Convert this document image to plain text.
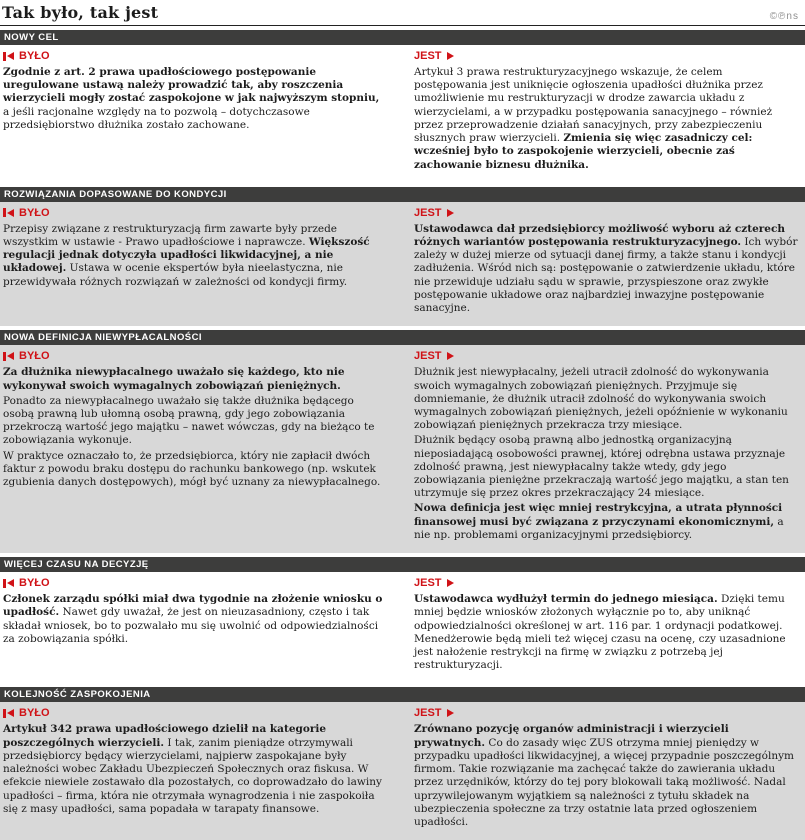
Tak było, tak jest	©℗ns
NOWY CEL
BYŁO

Zgodnie z art. 2 prawa upadłościowego postępowanie uregulowane ustawą należy prowadzić tak, aby roszczenia wierzycieli mogły zostać zaspokojone w jak najwyższym stopniu, a jeśli racjonalne względy na to pozwolą – dotychczasowe przedsiębiorstwo dłużnika zostało zachowane.

JEST

Artykuł 3 prawa restrukturyzacyjnego wskazuje, że celem postępowania jest uniknięcie ogłoszenia upadłości dłużnika przez umożliwienie mu restrukturyzacji w drodze zawarcia układu z wierzycielami, a w przypadku postępowania sanacyjnego – również przez przeprowadzenie działań sanacyjnych, przy zabezpieczeniu słusznych praw wierzycieli. Zmienia się więc zasadniczy cel: wcześniej było to zaspokojenie wierzycieli, obecnie zaś zachowanie biznesu dłużnika.

ROZWIĄZANIA DOPASOWANE DO KONDYCJI
BYŁO

Przepisy związane z restrukturyzacją firm zawarte były przede wszystkim w ustawie - Prawo upadłościowe i naprawcze. Większość regulacji jednak dotyczyła upadłości likwidacyjnej, a nie układowej. Ustawa w ocenie ekspertów była nieelastyczna, nie przewidywała różnych rozwiązań w zależności od kondycji firmy.

JEST

Ustawodawca dał przedsiębiorcy możliwość wyboru aż czterech różnych wariantów postępowania restrukturyzacyjnego. Ich wybór zależy w dużej mierze od sytuacji danej firmy, a także stanu i kondycji zadłużenia. Wśród nich są: postępowanie o zatwierdzenie układu, które nie przewiduje udziału sądu w sprawie, przyspieszone oraz zwykłe postępowanie układowe oraz najbardziej inwazyjne postępowanie sanacyjne.

NOWA DEFINICJA NIEWYPŁACALNOŚCI
BYŁO

Za dłużnika niewypłacalnego uważało się każdego, kto nie wykonywał swoich wymagalnych zobowiązań pieniężnych.

Ponadto za niewypłacalnego uważało się także dłużnika będącego osobą prawną lub ułomną osobą prawną, gdy jego zobowiązania przekroczą wartość jego majątku – nawet wówczas, gdy na bieżąco te zobowiązania wykonuje.

W praktyce oznaczało to, że przedsiębiorca, który nie zapłacił dwóch faktur z powodu braku dostępu do rachunku bankowego (np. wskutek zgubienia danych dostępowych), mógł być uznany za niewypłacalnego.

JEST

Dłużnik jest niewypłacalny, jeżeli utracił zdolność do wykonywania swoich wymagalnych zobowiązań pieniężnych. Przyjmuje się domniemanie, że dłużnik utracił zdolność do wykonywania swoich wymagalnych zobowiązań pieniężnych, jeżeli opóźnienie w wykonaniu zobowiązań pieniężnych przekracza trzy miesiące.

Dłużnik będący osobą prawną albo jednostką organizacyjną nieposiadającą osobowości prawnej, której odrębna ustawa przyznaje zdolność prawną, jest niewypłacalny także wtedy, gdy jego zobowiązania pieniężne przekraczają wartość jego majątku, a stan ten utrzymuje się przez okres przekraczający 24 miesiące.

Nowa definicja jest więc mniej restrykcyjna, a utrata płynności finansowej musi być związana z przyczynami ekonomicznymi, a nie np. problemami organizacyjnymi przedsiębiorcy.

WIĘCEJ CZASU NA DECYZJĘ
BYŁO

Członek zarządu spółki miał dwa tygodnie na złożenie wniosku o upadłość. Nawet gdy uważał, że jest on nieuzasadniony, często i tak składał wniosek, bo to pozwalało mu się uwolnić od odpowiedzialności za zobowiązania spółki.

JEST

Ustawodawca wydłużył termin do jednego miesiąca. Dzięki temu mniej będzie wniosków złożonych wyłącznie po to, aby uniknąć odpowiedzialności określonej w art. 116 par. 1 ordynacji podatkowej. Menedżerowie będą mieli też więcej czasu na ocenę, czy uzasadnione jest nałożenie restrykcji na firmę w związku z potrzebą jej restrukturyzacji.

KOLEJNOŚĆ ZASPOKOJENIA
BYŁO

Artykuł 342 prawa upadłościowego dzielił na kategorie poszczególnych wierzycieli. I tak, zanim pieniądze otrzymywali przedsiębiorcy będący wierzycielami, najpierw zaspokajane były należności wobec Zakładu Ubezpieczeń Społecznych oraz fiskusa. W efekcie niewiele zostawało dla pozostałych, co doprowadzało do lawiny upadłości – firma, która nie otrzymała wynagrodzenia i nie zaspokoiła się z masy upadłości, sama popadała w tarapaty finansowe.

JEST

Zrównano pozycję organów administracji i wierzycieli prywatnych. Co do zasady więc ZUS otrzyma mniej pieniędzy w przypadku upadłości likwidacyjnej, a więcej przypadnie poszczególnym firmom. Takie rozwiązanie ma zachęcać także do zawierania układu przez urzędników, którzy do tej pory blokowali taką możliwość. Nadal uprzywilejowanym wyjątkiem są należności z tytułu składek na ubezpieczenia społeczne za trzy ostatnie lata przed ogłoszeniem upadłości.
